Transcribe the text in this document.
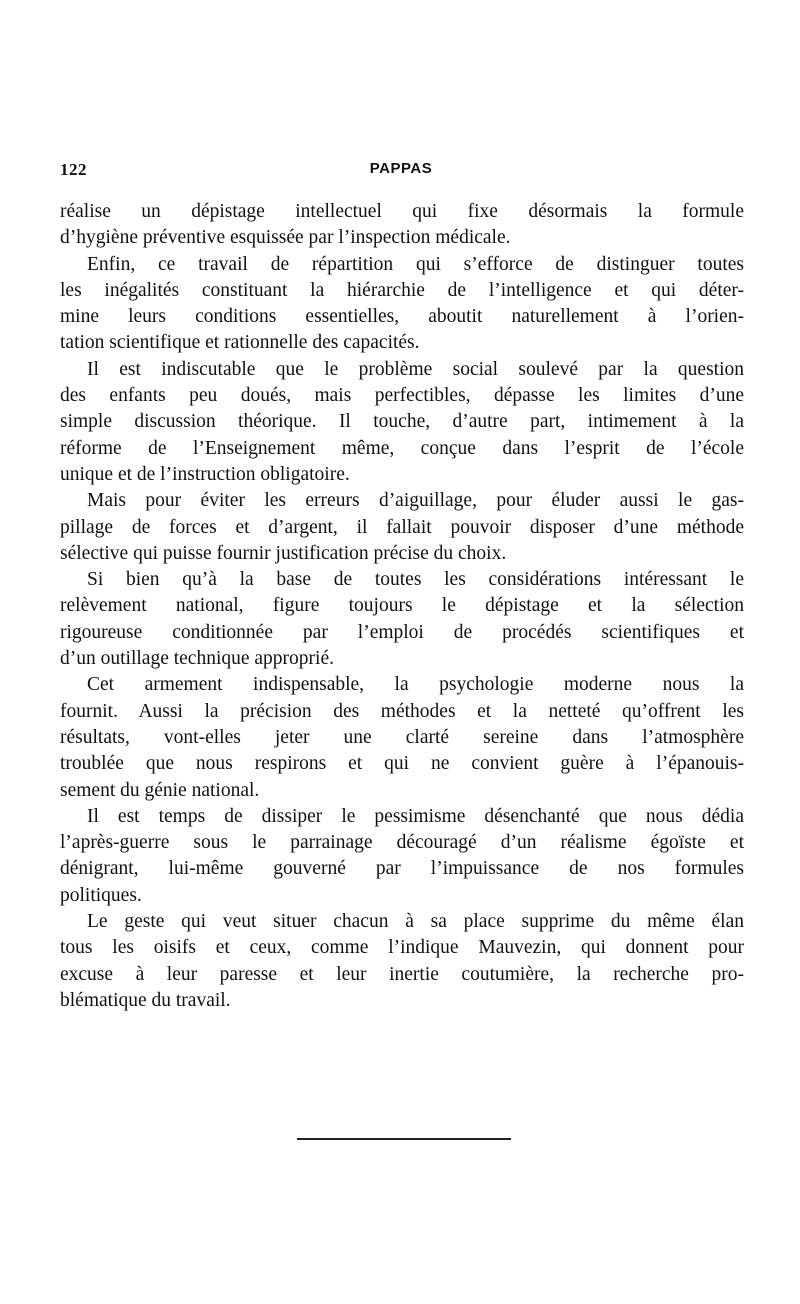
122	PAPPAS
réalise un dépistage intellectuel qui fixe désormais la formule
d’hygiène préventive esquissée par l’inspection médicale.
Enfin, ce travail de répartition qui s’efforce de distinguer toutes
les inégalités constituant la hiérarchie de l’intelligence et qui déter-
mine leurs conditions essentielles, aboutit naturellement à l’orien-
tation scientifique et rationnelle des capacités.
Il est indiscutable que le problème social soulevé par la question
des enfants peu doués, mais perfectibles, dépasse les limites d’une
simple discussion théorique. Il touche, d’autre part, intimement à la
réforme de l’Enseignement même, conçue dans l’esprit de l’école
unique et de l’instruction obligatoire.
Mais pour éviter les erreurs d’aiguillage, pour éluder aussi le gas-
pillage de forces et d’argent, il fallait pouvoir disposer d’une méthode
sélective qui puisse fournir justification précise du choix.
Si bien qu’à la base de toutes les considérations intéressant le
relèvement national, figure toujours le dépistage et la sélection
rigoureuse conditionnée par l’emploi de procédés scientifiques et
d’un outillage technique approprié.
Cet armement indispensable, la psychologie moderne nous la
fournit. Aussi la précision des méthodes et la netteté qu’offrent les
résultats, vont-elles jeter une clarté sereine dans l’atmosphère
troublée que nous respirons et qui ne convient guère à l’épanouis-
sement du génie national.
Il est temps de dissiper le pessimisme désenchanté que nous dédia
l’après-guerre sous le parrainage découragé d’un réalisme égoïste et
dénigrant, lui-même gouverné par l’impuissance de nos formules
politiques.
Le geste qui veut situer chacun à sa place supprime du même élan
tous les oisifs et ceux, comme l’indique Mauvezin, qui donnent pour
excuse à leur paresse et leur inertie coutumière, la recherche pro-
blématique du travail.
